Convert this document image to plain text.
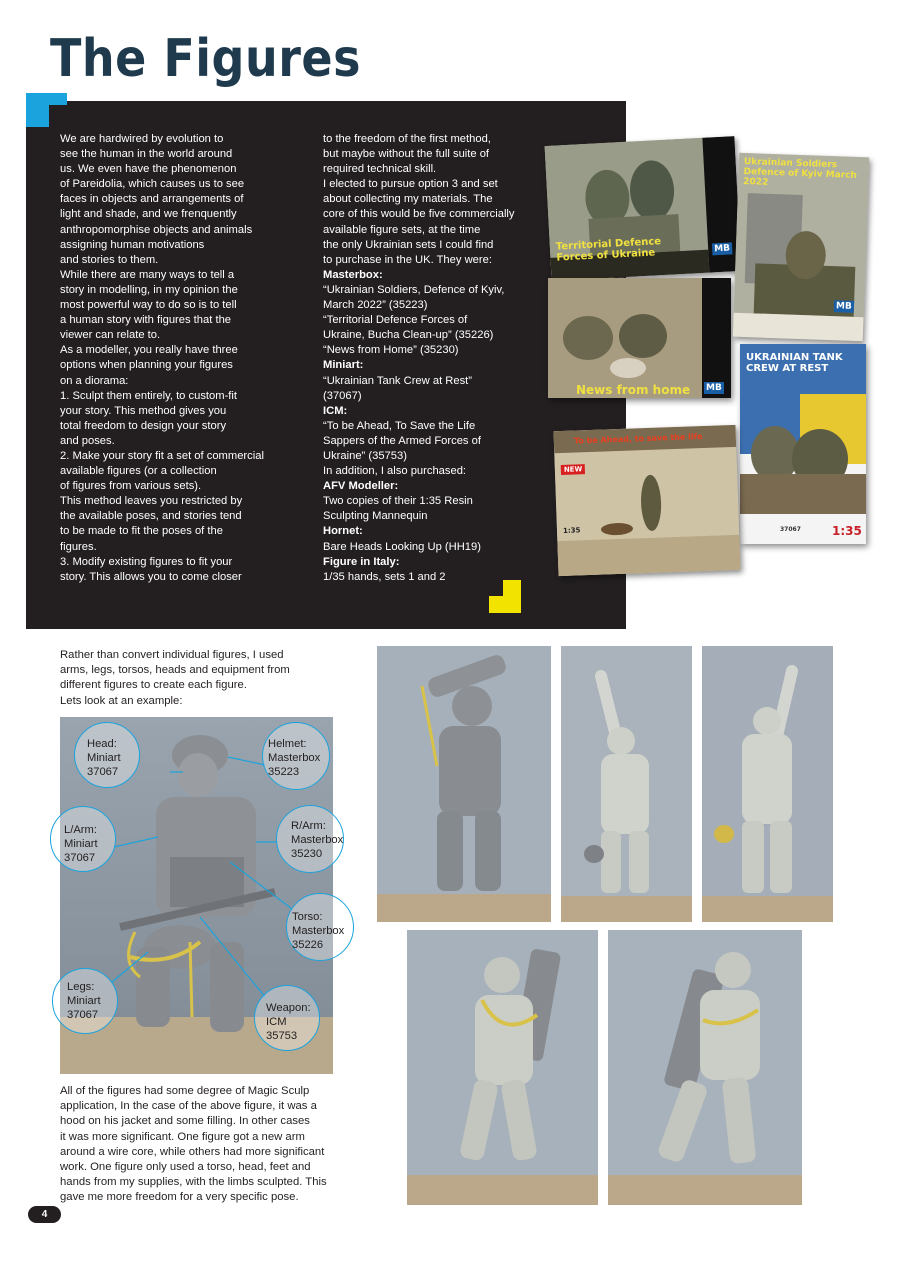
The Figures
We are hardwired by evolution to
see the human in the world around
us. We even have the phenomenon
of Pareidolia, which causes us to see
faces in objects and arrangements of
light and shade, and we frenquently
anthropomorphise objects and animals
assigning human motivations
and stories to them.
While there are many ways to tell a
story in modelling, in my opinion the
most powerful way to do so is to tell
a human story with figures that the
viewer can relate to.
As a modeller, you really have three
options when planning your figures
on a diorama:
1. Sculpt them entirely, to custom-fit
your story. This method gives you
total freedom to design your story
and poses.
2. Make your story fit a set of commercial
available figures (or a collection
of figures from various sets).
This method leaves you restricted by
the available poses, and stories tend
to be made to fit the poses of the
figures.
3. Modify existing figures to fit your
story. This allows you to come closer
to the freedom of the first method,
but maybe without the full suite of
required technical skill.
I elected to pursue option 3 and set
about collecting my materials. The
core of this would be five commercially
available figure sets, at the time
the only Ukrainian sets I could find
to purchase in the UK. They were:
Masterbox:
“Ukrainian Soldiers, Defence of Kyiv,
March 2022” (35223)
“Territorial Defence Forces of
Ukraine, Bucha Clean-up” (35226)
“News from Home” (35230)
Miniart:
“Ukrainian Tank Crew at Rest”
(37067)
ICM:
“To be Ahead, To Save the Life
Sappers of the Armed Forces of
Ukraine” (35753)
In addition, I also purchased:
AFV Modeller:
Two copies of their 1:35 Resin
Sculpting Mannequin
Hornet:
Bare Heads Looking Up (HH19)
Figure in Italy:
1/35 hands, sets 1 and 2
Territorial Defence Forces of Ukraine	MB
News from home MB
Ukrainian Soldiers Defence of Kyiv March 2022
MB
UKRAINIAN TANK CREW AT REST
1:35
37067
To be Ahead, to save the life
NEW
1:35
Rather than convert individual figures, I used
arms, legs, torsos, heads and equipment from
different figures to create each figure.
Lets look at an example:
Head:
Miniart
37067
Helmet:
Masterbox
35223
L/Arm:
Miniart
37067
R/Arm:
Masterbox
35230
Torso:
Masterbox
35226
Legs:
Miniart
37067
Weapon:
ICM
35753
All of the figures had some degree of Magic Sculp
application, In the case of the above figure, it was a
hood on his jacket and some filling. In other cases
it was more significant. One figure got a new arm
around a wire core, while others had more significant
work. One figure only used a torso, head, feet and
hands from my supplies, with the limbs sculpted. This
gave me more freedom for a very specific pose.
4
